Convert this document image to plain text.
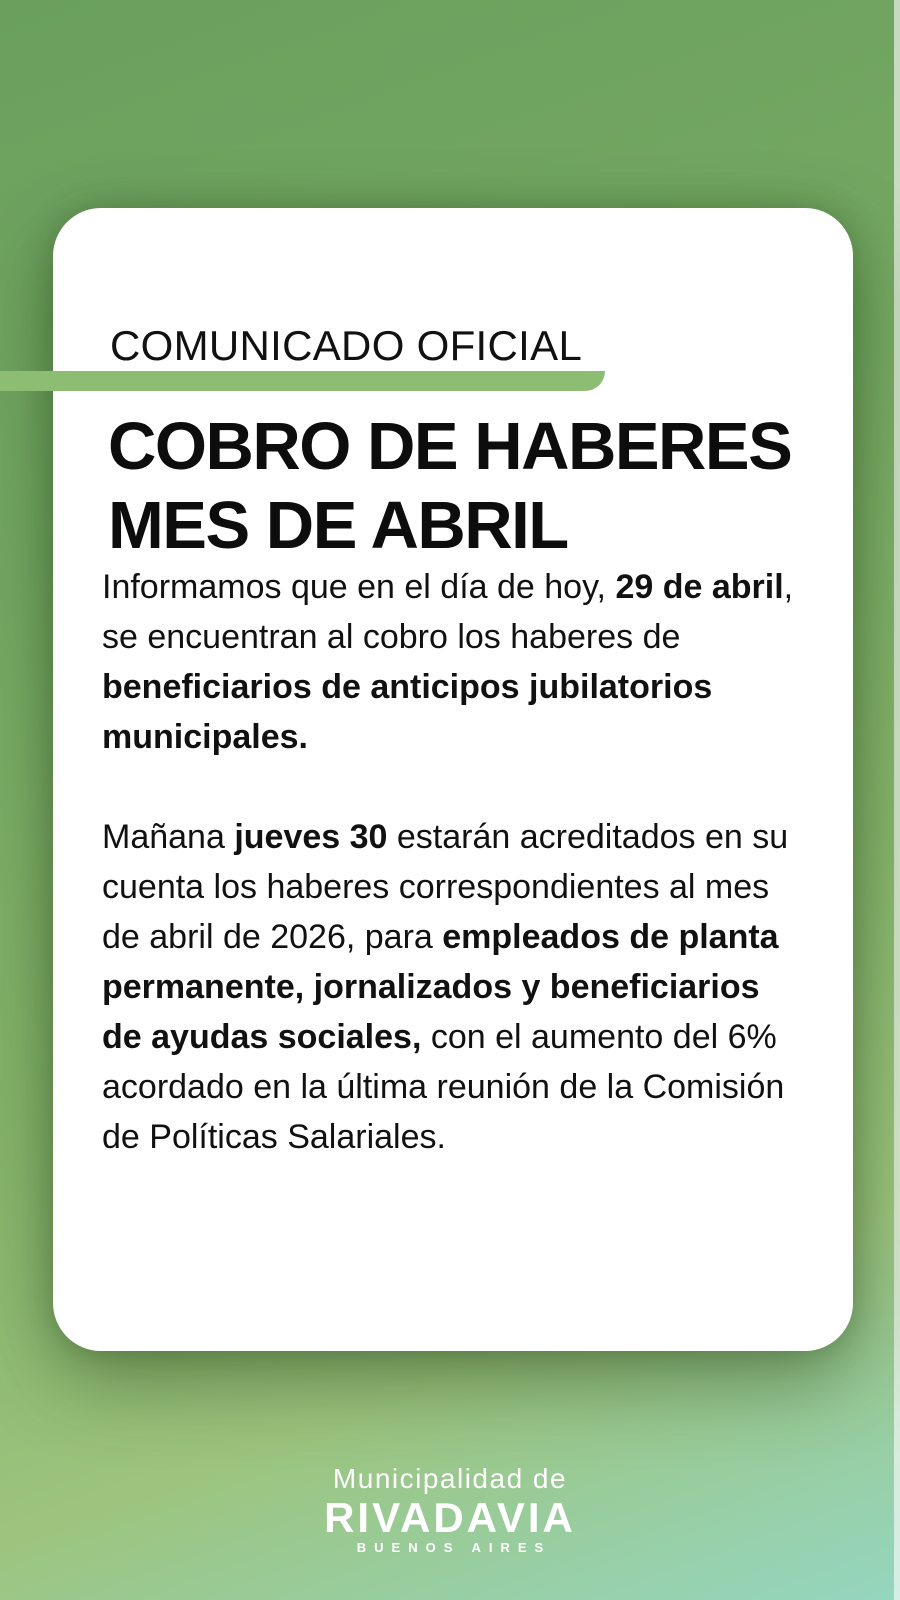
COMUNICADO OFICIAL
COBRO DE HABERES
MES DE ABRIL

Informamos que en el día de hoy, 29 de abril, se encuentran al cobro los haberes de beneficiarios de anticipos jubilatorios municipales.

Mañana jueves 30 estarán acreditados en su cuenta los haberes correspondientes al mes de abril de 2026, para empleados de planta permanente, jornalizados y beneficiarios de ayudas sociales, con el aumento del 6% acordado en la última reunión de la Comisión de Políticas Salariales.

Municipalidad de
RIVADAVIA
BUENOS AIRES
